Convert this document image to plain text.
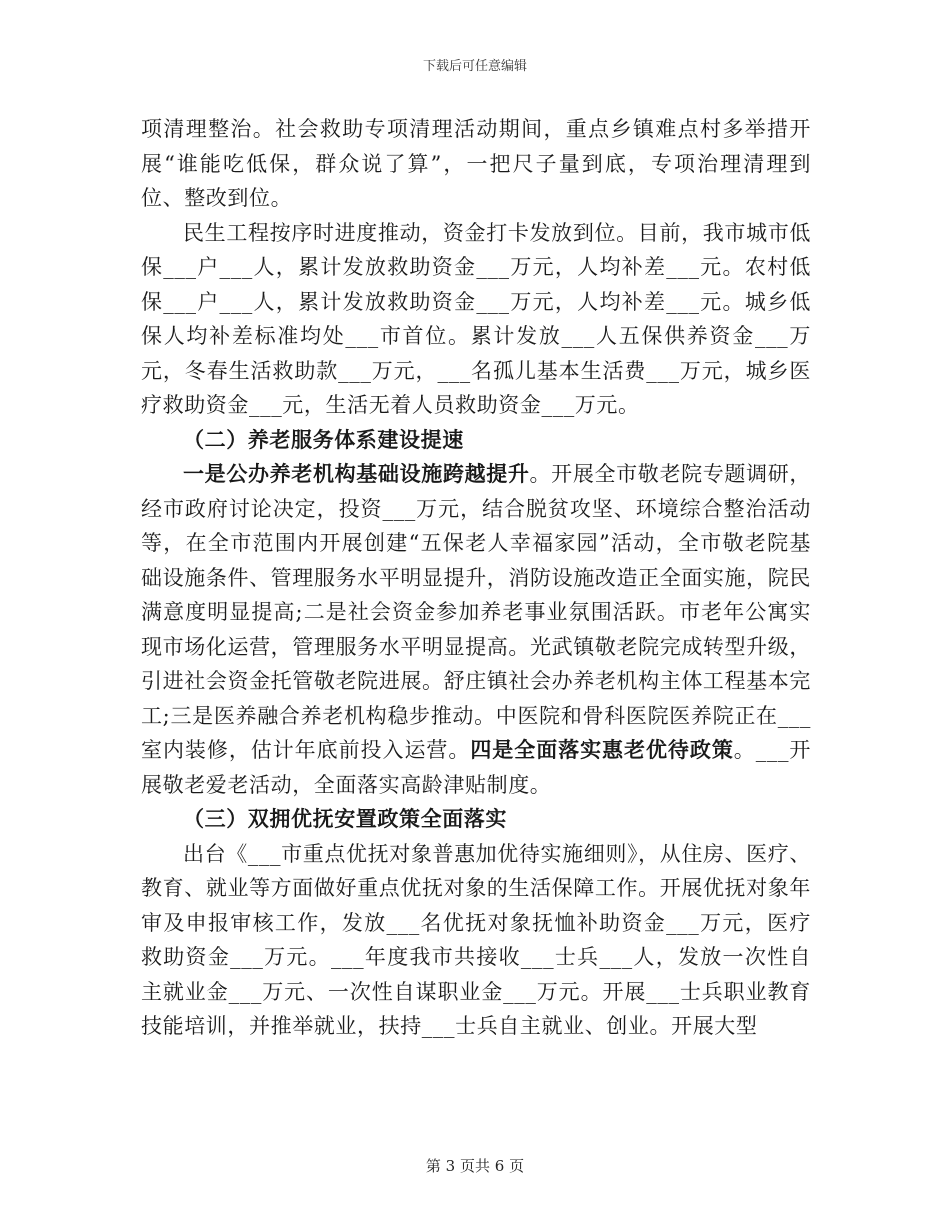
下载后可任意编辑

项清理整治。社会救助专项清理活动期间，重点乡镇难点村多举措开展“谁能吃低保，群众说了算”，一把尺子量到底，专项治理清理到位、整改到位。

民生工程按序时进度推动，资金打卡发放到位。目前，我市城市低保___户___人，累计发放救助资金___万元，人均补差___元。农村低保___户___人，累计发放救助资金___万元，人均补差___元。城乡低保人均补差标准均处___市首位。累计发放___人五保供养资金___万元，冬春生活救助款___万元，___名孤儿基本生活费___万元，城乡医疗救助资金___元，生活无着人员救助资金___万元。

（二）养老服务体系建设提速

一是公办养老机构基础设施跨越提升。开展全市敬老院专题调研，经市政府讨论决定，投资___万元，结合脱贫攻坚、环境综合整治活动等，在全市范围内开展创建“五保老人幸福家园”活动，全市敬老院基础设施条件、管理服务水平明显提升，消防设施改造正全面实施，院民满意度明显提高;二是社会资金参加养老事业氛围活跃。市老年公寓实现市场化运营，管理服务水平明显提高。光武镇敬老院完成转型升级，引进社会资金托管敬老院进展。舒庄镇社会办养老机构主体工程基本完工;三是医养融合养老机构稳步推动。中医院和骨科医院医养院正在___室内装修，估计年底前投入运营。四是全面落实惠老优待政策。___开展敬老爱老活动，全面落实高龄津贴制度。

（三）双拥优抚安置政策全面落实

出台《___市重点优抚对象普惠加优待实施细则》，从住房、医疗、教育、就业等方面做好重点优抚对象的生活保障工作。开展优抚对象年审及申报审核工作，发放___名优抚对象抚恤补助资金___万元，医疗救助资金___万元。___年度我市共接收___士兵___人，发放一次性自主就业金___万元、一次性自谋职业金___万元。开展___士兵职业教育技能培训，并推举就业，扶持___士兵自主就业、创业。开展大型

第 3 页共 6 页
